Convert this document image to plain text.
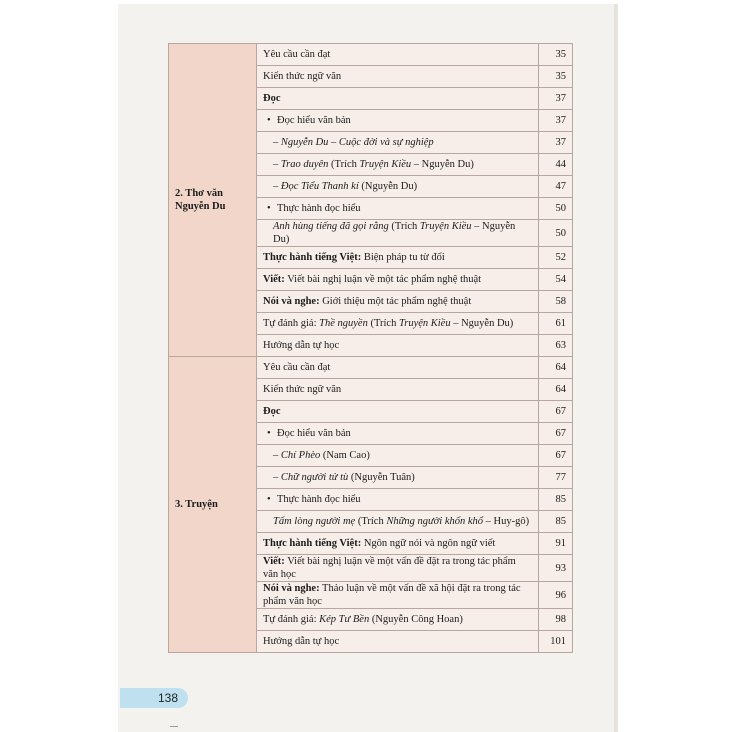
2. Thơ văn
Nguyễn Du	Yêu cầu cần đạt	35
	Kiến thức ngữ văn	35
	Đọc	37
	• Đọc hiểu văn bản	37
	– Nguyễn Du – Cuộc đời và sự nghiệp	37
	– Trao duyên (Trích Truyện Kiều – Nguyễn Du)	44
	– Đọc Tiểu Thanh kí (Nguyễn Du)	47
	• Thực hành đọc hiểu	50
	Anh hùng tiếng đã gọi rằng (Trích Truyện Kiều – Nguyễn Du)	50
	Thực hành tiếng Việt: Biện pháp tu từ đối	52
	Viết: Viết bài nghị luận về một tác phẩm nghệ thuật	54
	Nói và nghe: Giới thiệu một tác phẩm nghệ thuật	58
	Tự đánh giá: Thề nguyền (Trích Truyện Kiều – Nguyễn Du)	61
	Hướng dẫn tự học	63

3. Truyện	Yêu cầu cần đạt	64
	Kiến thức ngữ văn	64
	Đọc	67
	• Đọc hiểu văn bản	67
	– Chí Phèo (Nam Cao)	67
	– Chữ người tử tù (Nguyễn Tuân)	77
	• Thực hành đọc hiểu	85
	Tấm lòng người mẹ (Trích Những người khốn khổ – Huy-gô)	85
	Thực hành tiếng Việt: Ngôn ngữ nói và ngôn ngữ viết	91
	Viết: Viết bài nghị luận về một vấn đề đặt ra trong tác phẩm văn học	93
	Nói và nghe: Thảo luận về một vấn đề xã hội đặt ra trong tác phẩm văn học	96
	Tự đánh giá: Kép Tư Bền (Nguyễn Công Hoan)	98
	Hướng dẫn tự học	101
138
